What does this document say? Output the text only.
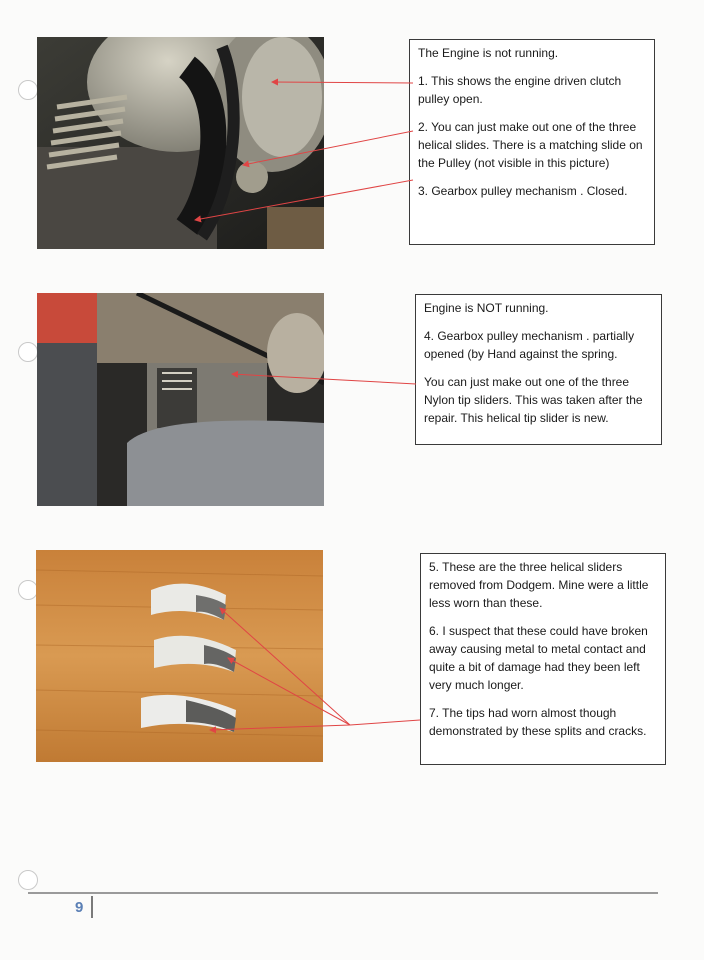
The Engine is not running.

1. This shows the engine driven clutch pulley open.

2. You can just make out one of the three helical slides. There is a matching slide on the Pulley (not visible in this picture)

3. Gearbox pulley mechanism . Closed.

Engine is NOT running.

4. Gearbox pulley mechanism . partially opened (by Hand against the spring.

You can just make out one of the three Nylon tip sliders. This was taken after the repair. This helical tip slider is new.

5. These are the three helical sliders removed from Dodgem. Mine were a little less worn than these.

6. I suspect that these could have broken away causing metal to metal contact and quite a bit of damage had they been left very much longer.

7. The tips had worn almost though demonstrated by these splits and cracks.

9
